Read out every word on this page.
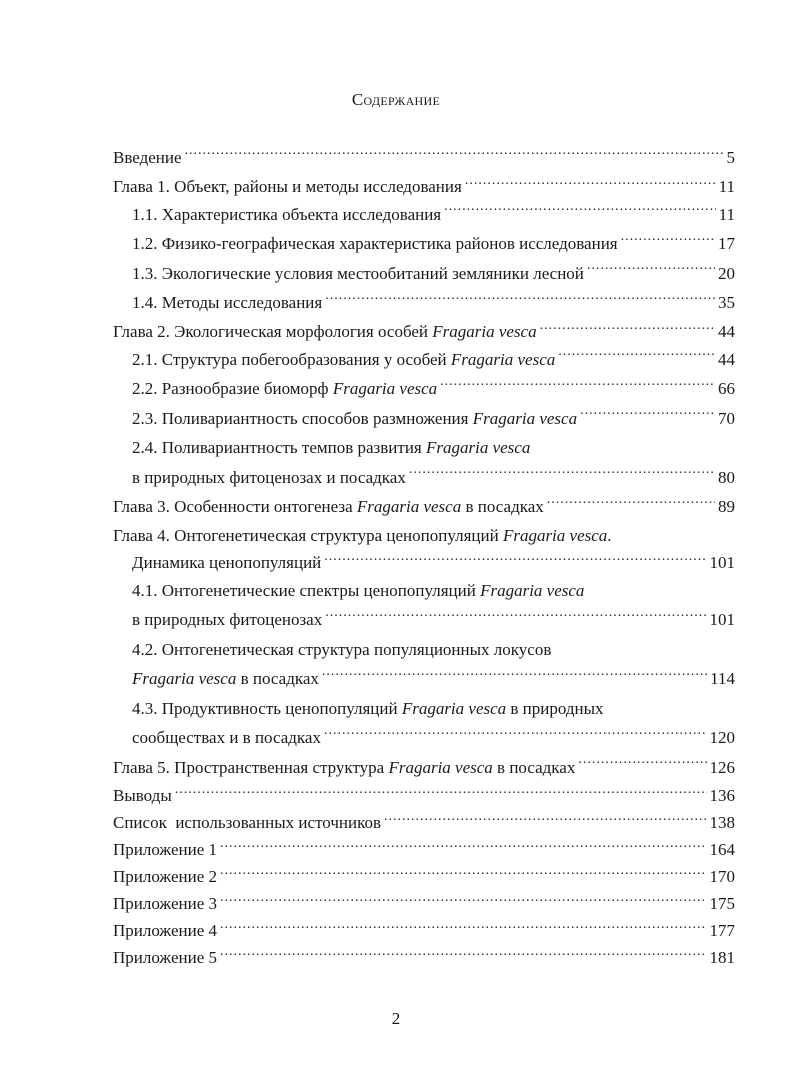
Содержание
Введение .....	5
Глава 1. Объект, районы и методы исследования .....	11
1.1. Характеристика объекта исследования .....	11
1.2. Физико-географическая характеристика районов исследования .....	17
1.3. Экологические условия местообитаний земляники лесной .....	20
1.4. Методы исследования .....	35
Глава 2. Экологическая морфология особей Fragaria vesca .....	44
2.1. Структура побегообразования у особей Fragaria vesca .....	44
2.2. Разнообразие биоморф Fragaria vesca .....	66
2.3. Поливариантность способов размножения Fragaria vesca .....	70
2.4. Поливариантность темпов развития Fragaria vesca
в природных фитоценозах и посадках .....	80
Глава 3. Особенности онтогенеза Fragaria vesca в посадках .....	89
Глава 4. Онтогенетическая структура ценопопуляций Fragaria vesca.
Динамика ценопопуляций .....	101
4.1. Онтогенетические спектры ценопопуляций Fragaria vesca
в природных фитоценозах .....	101
4.2. Онтогенетическая структура популяционных локусов
Fragaria vesca в посадках .....	114
4.3. Продуктивность ценопопуляций Fragaria vesca в природных
сообществах и в посадках .....	120
Глава 5. Пространственная структура Fragaria vesca в посадках .....	126
Выводы .....	136
Список  использованных источников .....	138
Приложение 1 .....	164
Приложение 2 .....	170
Приложение 3 .....	175
Приложение 4 .....	177
Приложение 5 .....	181
2
